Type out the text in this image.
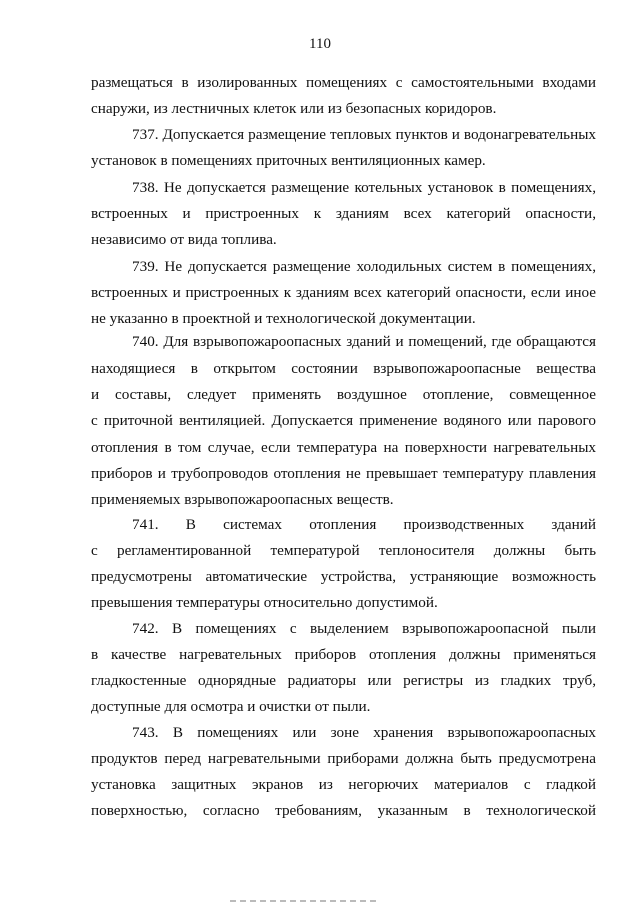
110
размещаться в изолированных помещениях с самостоятельными входами
снаружи, из лестничных клеток или из безопасных коридоров.
737. Допускается размещение тепловых пунктов и водонагревательных
установок в помещениях приточных вентиляционных камер.
738. Не допускается размещение котельных установок в помещениях,
встроенных и пристроенных к зданиям всех категорий опасности,
независимо от вида топлива.
739. Не допускается размещение холодильных систем в помещениях,
встроенных и пристроенных к зданиям всех категорий опасности, если иное
не указанно в проектной и технологической документации.
740. Для взрывопожароопасных зданий и помещений, где обращаются
находящиеся в открытом состоянии взрывопожароопасные вещества
и составы, следует применять воздушное отопление, совмещенное
с приточной вентиляцией. Допускается применение водяного или парового
отопления в том случае, если температура на поверхности нагревательных
приборов и трубопроводов отопления не превышает температуру плавления
применяемых взрывопожароопасных веществ.
741. В системах отопления производственных зданий
с регламентированной температурой теплоносителя должны быть
предусмотрены автоматические устройства, устраняющие возможность
превышения температуры относительно допустимой.
742. В помещениях с выделением взрывопожароопасной пыли
в качестве нагревательных приборов отопления должны применяться
гладкостенные однорядные радиаторы или регистры из гладких труб,
доступные для осмотра и очистки от пыли.
743. В помещениях или зоне хранения взрывопожароопасных
продуктов перед нагревательными приборами должна быть предусмотрена
установка защитных экранов из негорючих материалов с гладкой
поверхностью, согласно требованиям, указанным в технологической
